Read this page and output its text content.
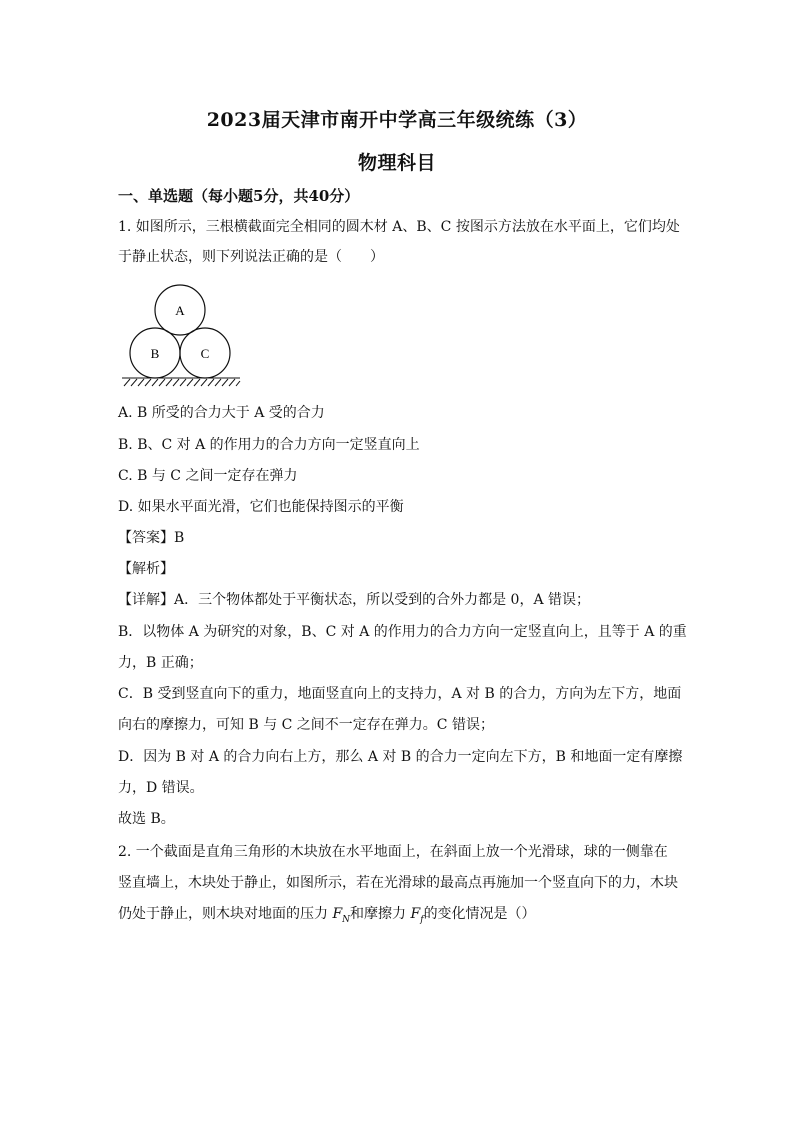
2023届天津市南开中学高三年级统练（3）
物理科目
一、单选题（每小题5分，共40分）
1. 如图所示，三根横截面完全相同的圆木材 A、B、C 按图示方法放在水平面上，它们均处
于静止状态，则下列说法正确的是（　　）
A
B	C
A. B 所受的合力大于 A 受的合力
B. B、C 对 A 的作用力的合力方向一定竖直向上
C. B 与 C 之间一定存在弹力
D. 如果水平面光滑，它们也能保持图示的平衡
【答案】B
【解析】
【详解】A．三个物体都处于平衡状态，所以受到的合外力都是 0，A 错误；
B．以物体 A 为研究的对象，B、C 对 A 的作用力的合力方向一定竖直向上，且等于 A 的重
力，B 正确；
C．B 受到竖直向下的重力，地面竖直向上的支持力，A 对 B 的合力，方向为左下方，地面
向右的摩擦力，可知 B 与 C 之间不一定存在弹力。C 错误；
D．因为 B 对 A 的合力向右上方，那么 A 对 B 的合力一定向左下方，B 和地面一定有摩擦
力，D 错误。
故选 B。
2. 一个截面是直角三角形的木块放在水平地面上，在斜面上放一个光滑球，球的一侧靠在
竖直墙上，木块处于静止，如图所示，若在光滑球的最高点再施加一个竖直向下的力，木块
仍处于静止，则木块对地面的压力 $F_N$和摩擦力 $F_f$的变化情况是（）
